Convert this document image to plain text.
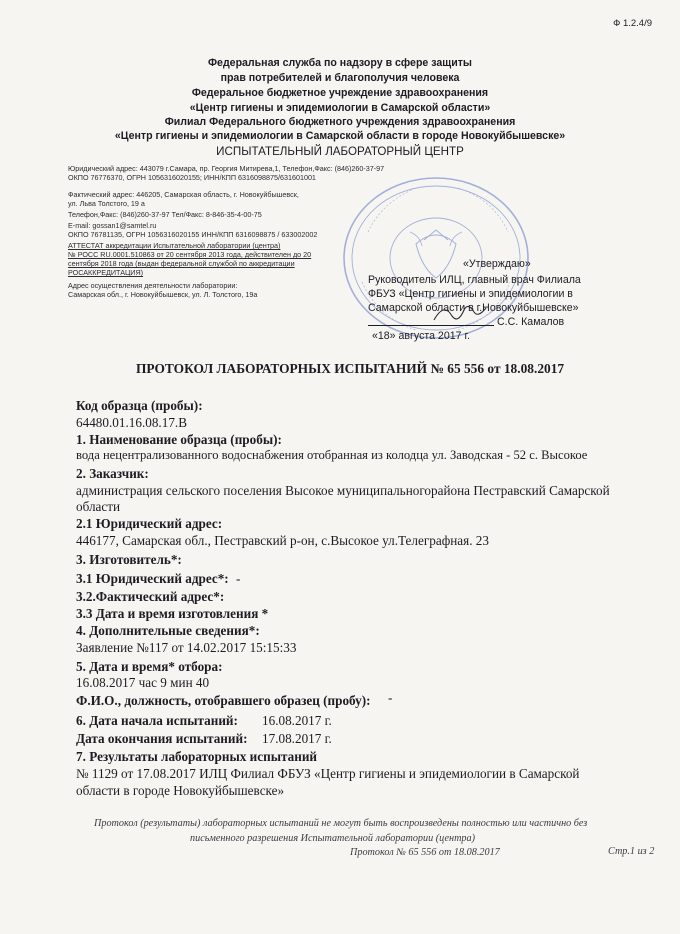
Ф 1.2.4/9
Федеральная служба по надзору в сфере защиты
прав потребителей и благополучия человека
Федеральное бюджетное учреждение здравоохранения
«Центр гигиены и эпидемиологии в Самарской области»
Филиал Федерального бюджетного учреждения здравоохранения
«Центр гигиены и эпидемиологии в Самарской области в городе Новокуйбышевске»
ИСПЫТАТЕЛЬНЫЙ ЛАБОРАТОРНЫЙ ЦЕНТР
Юридический адрес: 443079 г.Самара, пр. Георгия Митирева,1, Телефон,Факс: (846)260-37-97
ОКПО 76776370, ОГРН 1056316020155; ИНН/КПП 6316098875/631601001
Фактический адрес: 446205, Самарская область, г. Новокуйбышевск,
ул. Льва Толстого, 19 а
Телефон,Факс: (846)260-37-97 Тел/Факс: 8-846-35-4-00-75
E-mail: gossan1@samtel.ru
ОКПО 76781135, ОГРН 1056316020155 ИНН/КПП 6316098875 / 633002002
АТТЕСТАТ аккредитации Испытательной лаборатории (центра)
№ РОСС RU.0001.510863 от 20 сентября 2013 года, действителен до 20
сентября 2018 года (выдан федеральной службой по аккредитации
РОСАККРЕДИТАЦИЯ)
Адрес осуществления деятельности лаборатории:
Самарская обл., г. Новокуйбышевск, ул. Л. Толстого, 19а
«Утверждаю»
Руководитель ИЛЦ, главный врач Филиала
ФБУЗ «Центр гигиены и эпидемиологии в
Самарской области в г.Новокуйбышевске»
С.С. Камалов
«18» августа 2017 г.
ПРОТОКОЛ ЛАБОРАТОРНЫХ ИСПЫТАНИЙ № 65 556 от 18.08.2017
Код образца (пробы):
64480.01.16.08.17.В
1. Наименование образца (пробы):
вода нецентрализованного водоснабжения отобранная из колодца ул. Заводская - 52 с. Высокое
2. Заказчик:
администрация сельского поселения Высокое муниципальногорайона Пестравский Самарской
области
2.1 Юридический адрес:
446177, Самарская обл., Пестравский р-он, с.Высокое ул.Телеграфная. 23
3. Изготовитель*:
3.1 Юридический адрес*: -
3.2.Фактический адрес*:
3.3 Дата и время изготовления *
4. Дополнительные сведения*:
Заявление №117 от 14.02.2017 15:15:33
5. Дата и время* отбора:
16.08.2017 час 9 мин 40
Ф.И.О., должность, отобравшего образец (пробу): -
6. Дата начала испытаний: 16.08.2017 г.
Дата окончания испытаний: 17.08.2017 г.
7. Результаты лабораторных испытаний
№ 1129 от 17.08.2017 ИЛЦ Филиал ФБУЗ «Центр гигиены и эпидемиологии в Самарской
области в городе Новокуйбышевске»
Протокол (результаты) лабораторных испытаний не могут быть воспроизведены полностью или частично без
письменного разрешения Испытательной лаборатории (центра)
Протокол № 65 556 от 18.08.2017	Стр.1 из 2
